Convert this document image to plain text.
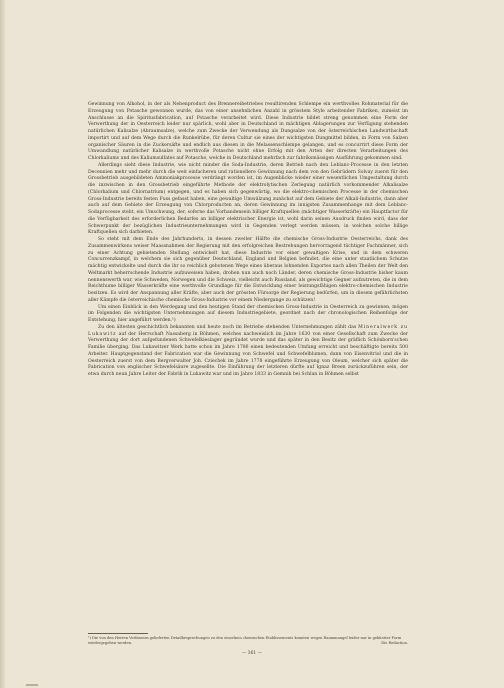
Gewinnung von Alkohol, in der als Nebenproduct des Brennereibetriebes resultirenden Schlempe ein werthvolles Rohmaterial für die Erzeugung von Potasche gewonnen wurde, das von einer ansehnlichen Anzahl in grösstem Style arbeitender Fabriken, zumeist im Anschlusse an die Spiritusfabrication, auf Potasche verarbeitet wird. Diese Industrie bildet streng genommen eine Form der Verwerthung der in Oesterreich leider nur spärlich, wohl aber in Deutschland in mächtigen Ablagerungen zur Verfügung stehenden natürlichen Kalisalze (Abraumsalze), welche zum Zwecke der Verwendung als Dungsalze von der österreichischen Landwirthschaft importirt und auf dem Wege durch die Runkelrübe, für deren Cultur sie eines der wichtigsten Dungmittel bilden, in Form von Salzen organischer Säuren in die Zuckersäfte und endlich aus diesen in die Melassenschlempe gelangen, und es concurrirt diese Form der Umwandlung natürlicher Kalisalze in werthvolle Potasche nicht ohne Erfolg mit den Arten der directen Verarbeitungen des Chlorkaliums und des Kaliumsulfates auf Potasche, welche in Deutschland mehrfach zur fabriksmässigen Ausführung gekommen sind.

Allerdings sieht diese Industrie, wie nicht minder die Soda-Industrie, deren Betrieb nach den Leblanc-Processe in den letzten Decennien mehr und mehr durch die weit einfacheren und rationellere Gewinnung nach dem von den Gebrüdern Solvay zuerst für den Grossbetrieb ausgebildeten Ammoniakprocesse verdrängt worden ist, im Augenblicke wieder einer wesentlichen Umgestaltung durch die inzwischen in den Grossbetrieb eingeführte Methode der elektrolytischen Zerlegung natürlich vorkommender Alkalisalze (Chlorkalium und Chlornatrium) entgegen, und es haben sich gegenwärtig, wo die elektro-chemischen Processe in der chemischen Gross-Industrie bereits festen Fuss gefasst haben, eine gewaltige Umwälzung zunächst auf dem Gebiete der Alkali-Industrie, dann aber auch auf dem Gebiete der Erzeugung von Chlorproducten an, deren Gewinnung im innigsten Zusammenhange mit dem Leblanc-Sodaprocesse steht, ein Umschwung, der, soferne das Vorhandensein billiger Kraftquellen (mächtiger Wasserkräfte) ein Hauptfactor für die Verfügbarkeit des erforderlichen Bedarfes an billiger elektrischer Energie ist, wohl darin seinen Ausdruck finden wird, dass der Schwerpunkt der bezüglichen Industrieunternehmungen wird in Gegenden verlegt werden müssen, in welchen solche billige Kraftquellen sich darbieten.

So steht mit dem Ende des Jahrhunderts, in dessen zweiter Hälfte die chemische Gross-Industrie Oesterreichs, dank des Zusammenwirkens weiser Maassnahmen der Regierung mit den erfolgreichen Bestrebungen hervorragend tüchtiger Fachmänner, sich zu einer Achtung gebietenden Stellung entwickelt hat, diese Industrie vor einer gewaltigen Krise, und in dem schweren Concurrenzkampf, in welchem sie sich gegenüber Deutschland, England und Belgien befindet, die eine unter staatlichem Schutze mächtig entwickelte und durch die ihr so reichlich gebotenen Wege eines überaus lohnenden Exportes nach allen Theilen der Welt den Weltmarkt beherrschende Industrie aufzuweisen haben, drohen nun auch noch Länder, deren chemische Gross-Industrie bisher kaum nennenswerth war, wie Schweden, Norwegen und die Schweiz, vielleicht auch Russland, als gewichtige Gegner aufzutreten, die in dem Reichthume billiger Wasserkräfte eine werthvolle Grundlage für die Entwicklung einer leistungsfähigen elektro-chemischen Industrie besitzen. Es wird der Anspannung aller Kräfte, aber auch der grössten Fürsorge der Regierung bedürfen, um in diesem gefährlichsten aller Kämpfe die österreichische chemische Gross-Industrie vor einem Niedergange zu schützen!

Um einen Einblick in den Werdegang und den heutigen Stand der chemischen Gross-Industrie in Oesterreich zu gewinnen, mögen im Folgenden die wichtigsten Unternehmungen auf diesem Industriegebiete, geordnet nach der chronologischen Reihenfolge der Entstehung, hier angeführt werden.¹)

Zu den ältesten geschichtlich bekannten und heute noch im Betriebe stehenden Unternehmungen zählt das Mineralwerk zu Lukawitz auf der Herrschaft Nassaberg in Böhmen, welches nachweislich im Jahre 1630 von einer Gesellschaft zum Zwecke der Verwerthung der dort aufgefundenen Schwefelkieslager gegründet wurde und das später in den Besitz der gräflich Schönborn'schen Familie überging. Das Lukawitzer Werk hatte schon im Jahre 1786 einen bedeutenden Umfang erreicht und beschäftigte bereits 500 Arbeiter. Hauptgegenstand der Fabrication war die Gewinnung von Schwefel und Schwefelblumen, dann von Eisenvitriol und die in Oesterreich zuerst von dem Bergverwalter Joh. Cziechek im Jahre 1778 eingeführte Erzeugung von Oleum, welcher sich später die Fabrication von englischer Schwefelsäure zugesellte. Die Einführung der letzteren dürfte auf Ignaz Breen zurückzuführen sein, der etwa durch neun Jahre Leiter der Fabrik in Lukawitz war und im Jahre 1833 in Gemnik bei Schlan in Böhmen selbst

¹) Die von den Herren Verfassern gelieferten Detailbesprechungen zu den einzelnen chemischen Etablissements konnten wegen Raummangel leider nur in gekürzter Form wiedergegeben werden.	Die Redaction.
— 361 —
